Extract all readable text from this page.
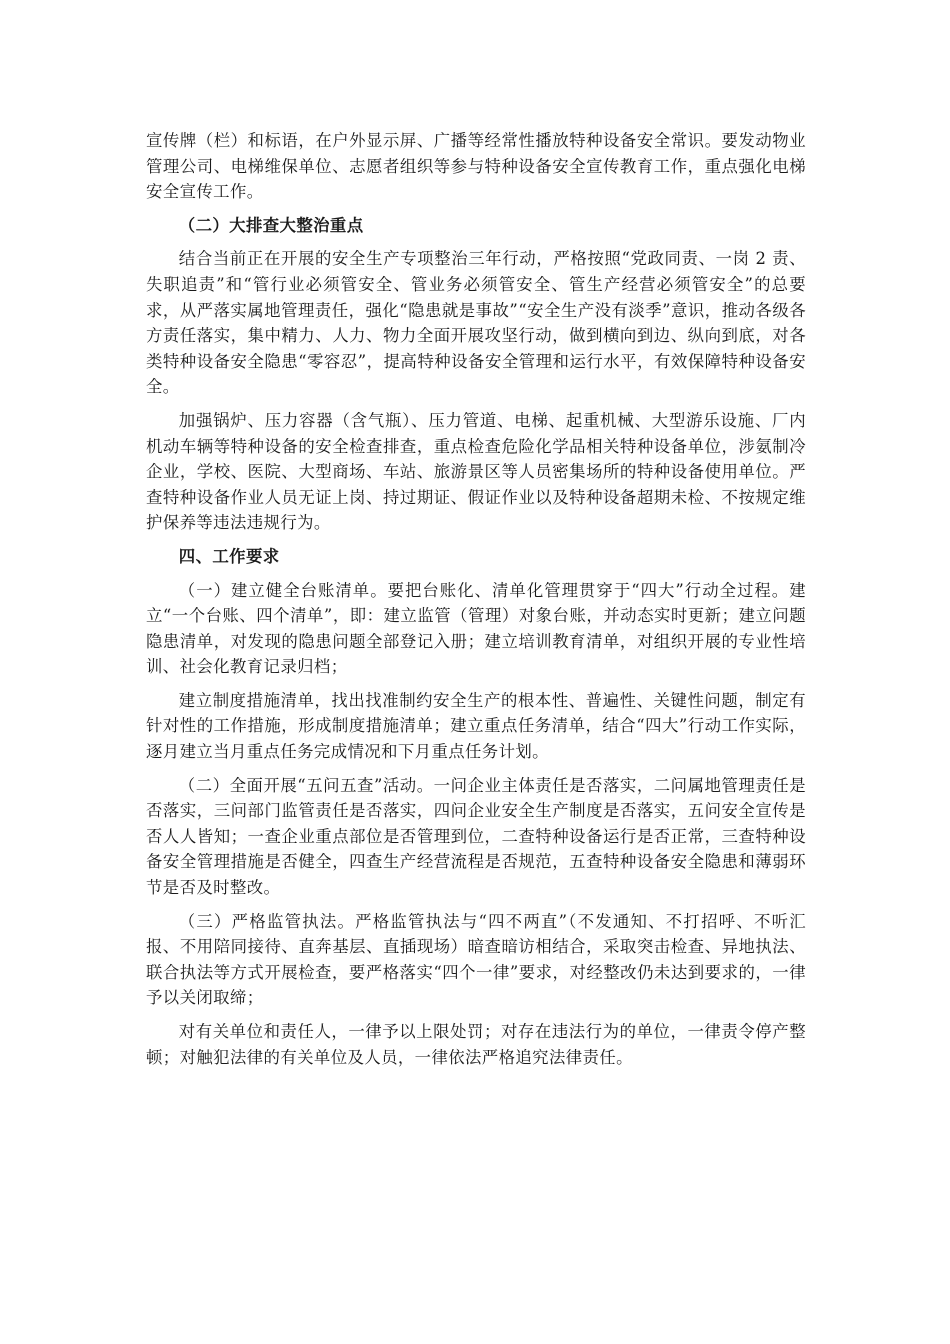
宣传牌（栏）和标语，在户外显示屏、广播等经常性播放特种设备安全常识。要发动物业管理公司、电梯维保单位、志愿者组织等参与特种设备安全宣传教育工作，重点强化电梯安全宣传工作。

（二）大排查大整治重点

结合当前正在开展的安全生产专项整治三年行动，严格按照“党政同责、一岗 2 责、失职追责”和“管行业必须管安全、管业务必须管安全、管生产经营必须管安全”的总要求，从严落实属地管理责任，强化“隐患就是事故”“安全生产没有淡季”意识，推动各级各方责任落实，集中精力、人力、物力全面开展攻坚行动，做到横向到边、纵向到底，对各类特种设备安全隐患“零容忍”，提高特种设备安全管理和运行水平，有效保障特种设备安全。

加强锅炉、压力容器（含气瓶）、压力管道、电梯、起重机械、大型游乐设施、厂内机动车辆等特种设备的安全检查排查，重点检查危险化学品相关特种设备单位，涉氨制冷企业，学校、医院、大型商场、车站、旅游景区等人员密集场所的特种设备使用单位。严查特种设备作业人员无证上岗、持过期证、假证作业以及特种设备超期未检、不按规定维护保养等违法违规行为。

四、工作要求

（一）建立健全台账清单。要把台账化、清单化管理贯穿于“四大”行动全过程。建立“一个台账、四个清单”，即：建立监管（管理）对象台账，并动态实时更新；建立问题隐患清单，对发现的隐患问题全部登记入册；建立培训教育清单，对组织开展的专业性培训、社会化教育记录归档；

建立制度措施清单，找出找准制约安全生产的根本性、普遍性、关键性问题，制定有针对性的工作措施，形成制度措施清单；建立重点任务清单，结合“四大”行动工作实际，逐月建立当月重点任务完成情况和下月重点任务计划。

（二）全面开展“五问五查”活动。一问企业主体责任是否落实，二问属地管理责任是否落实，三问部门监管责任是否落实，四问企业安全生产制度是否落实，五问安全宣传是否人人皆知；一查企业重点部位是否管理到位，二查特种设备运行是否正常，三查特种设备安全管理措施是否健全，四查生产经营流程是否规范，五查特种设备安全隐患和薄弱环节是否及时整改。

（三）严格监管执法。严格监管执法与“四不两直”（不发通知、不打招呼、不听汇报、不用陪同接待、直奔基层、直插现场）暗查暗访相结合，采取突击检查、异地执法、联合执法等方式开展检查，要严格落实“四个一律”要求，对经整改仍未达到要求的，一律予以关闭取缔；

对有关单位和责任人，一律予以上限处罚；对存在违法行为的单位，一律责令停产整顿；对触犯法律的有关单位及人员，一律依法严格追究法律责任。
